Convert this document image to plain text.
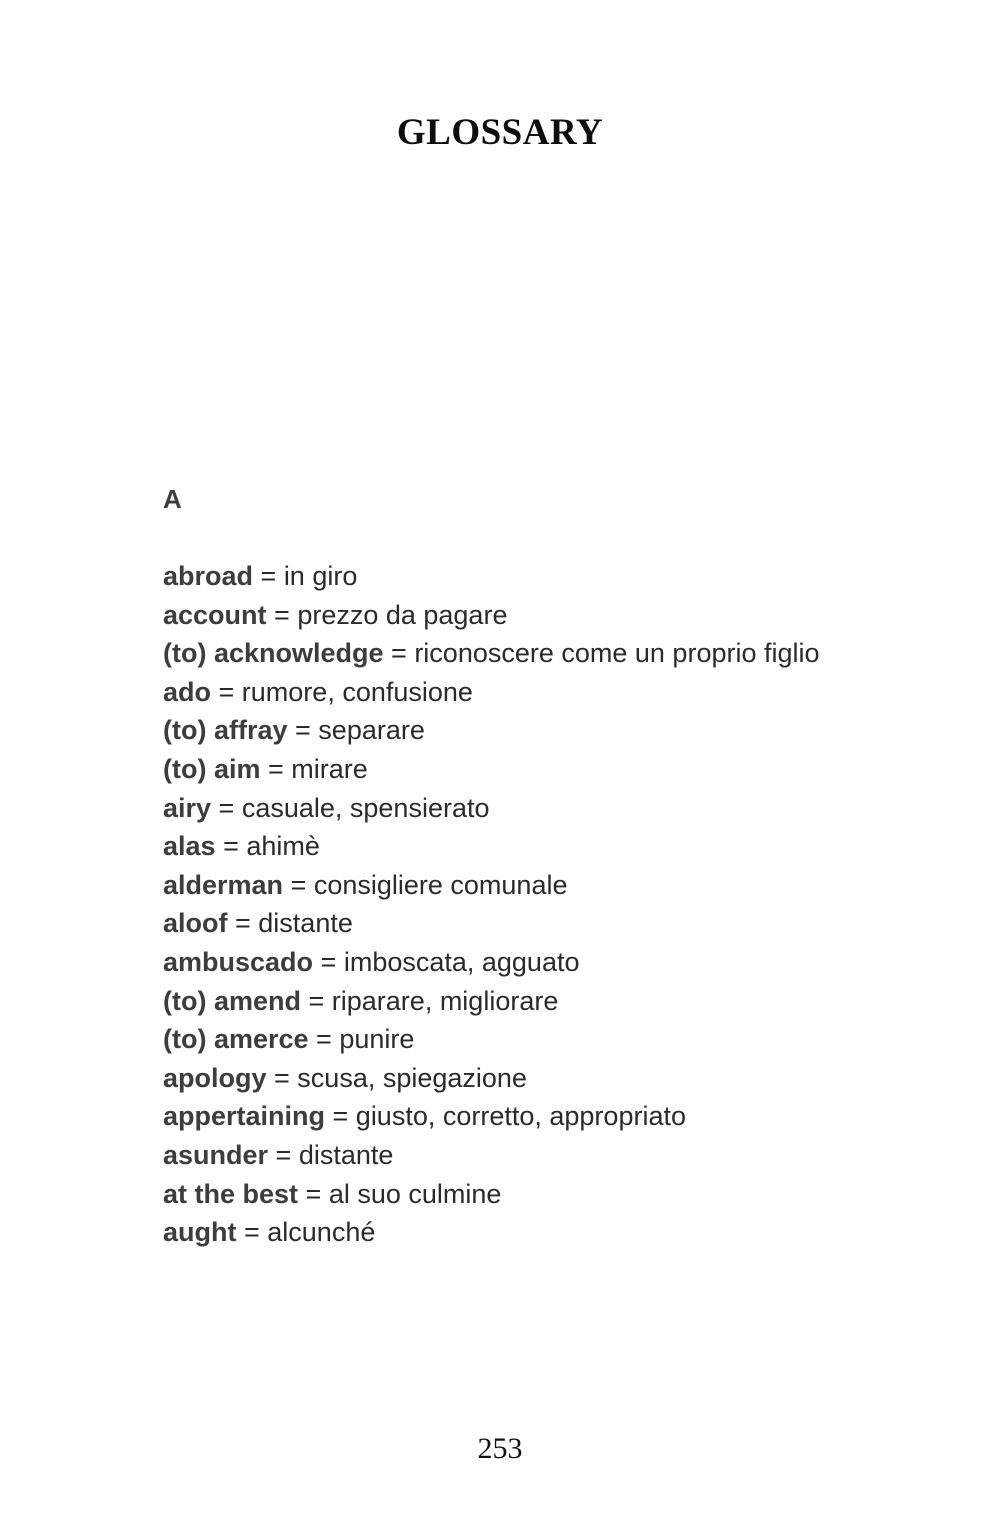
GLOSSARY
A
abroad = in giro
account = prezzo da pagare
(to) acknowledge = riconoscere come un proprio figlio
ado = rumore, confusione
(to) affray = separare
(to) aim = mirare
airy = casuale, spensierato
alas = ahimè
alderman = consigliere comunale
aloof = distante
ambuscado = imboscata, agguato
(to) amend = riparare, migliorare
(to) amerce = punire
apology = scusa, spiegazione
appertaining = giusto, corretto, appropriato
asunder = distante
at the best = al suo culmine
aught = alcunché
253
